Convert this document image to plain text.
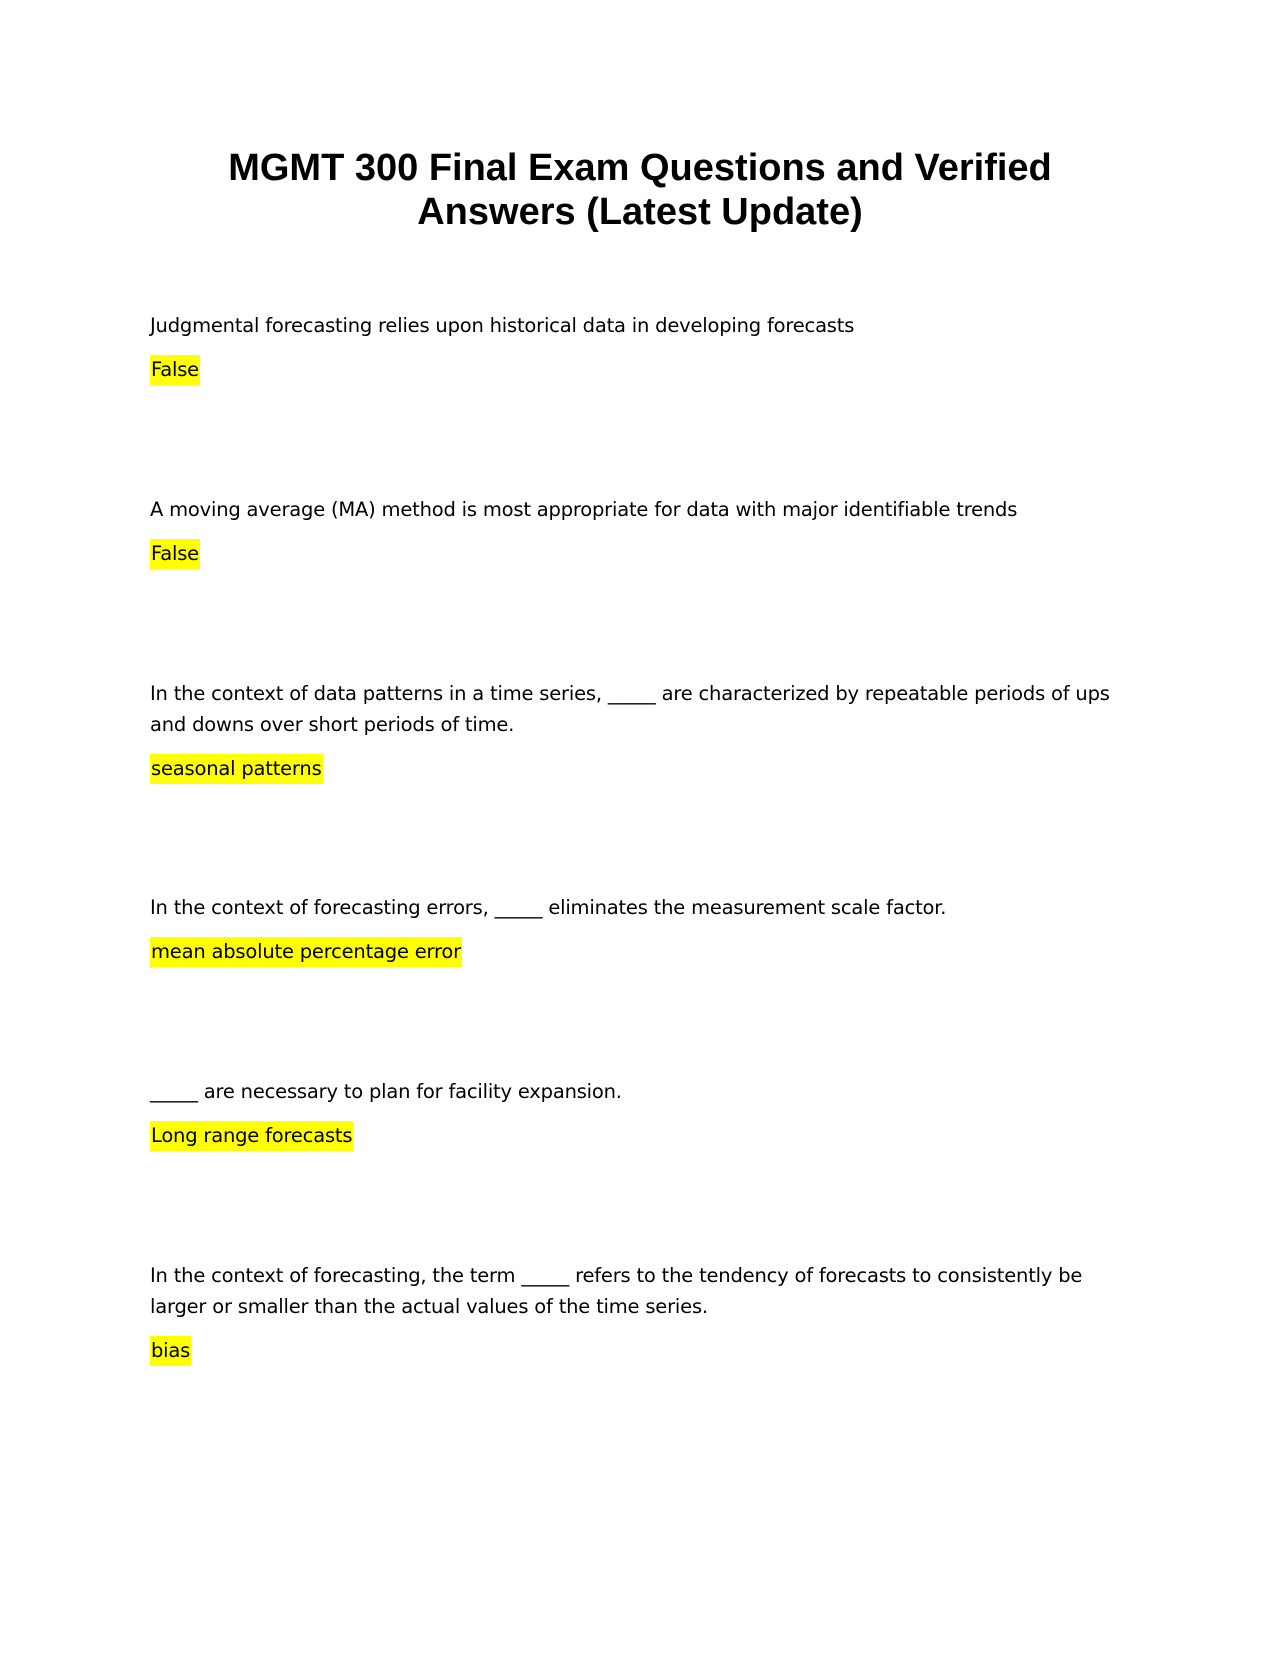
MGMT 300 Final Exam Questions and Verified Answers (Latest Update)

Judgmental forecasting relies upon historical data in developing forecasts

False

A moving average (MA) method is most appropriate for data with major identifiable trends

False

In the context of data patterns in a time series, _____ are characterized by repeatable periods of ups and downs over short periods of time.

seasonal patterns

In the context of forecasting errors, _____ eliminates the measurement scale factor.

mean absolute percentage error

_____ are necessary to plan for facility expansion.

Long range forecasts

In the context of forecasting, the term _____ refers to the tendency of forecasts to consistently be larger or smaller than the actual values of the time series.

bias
